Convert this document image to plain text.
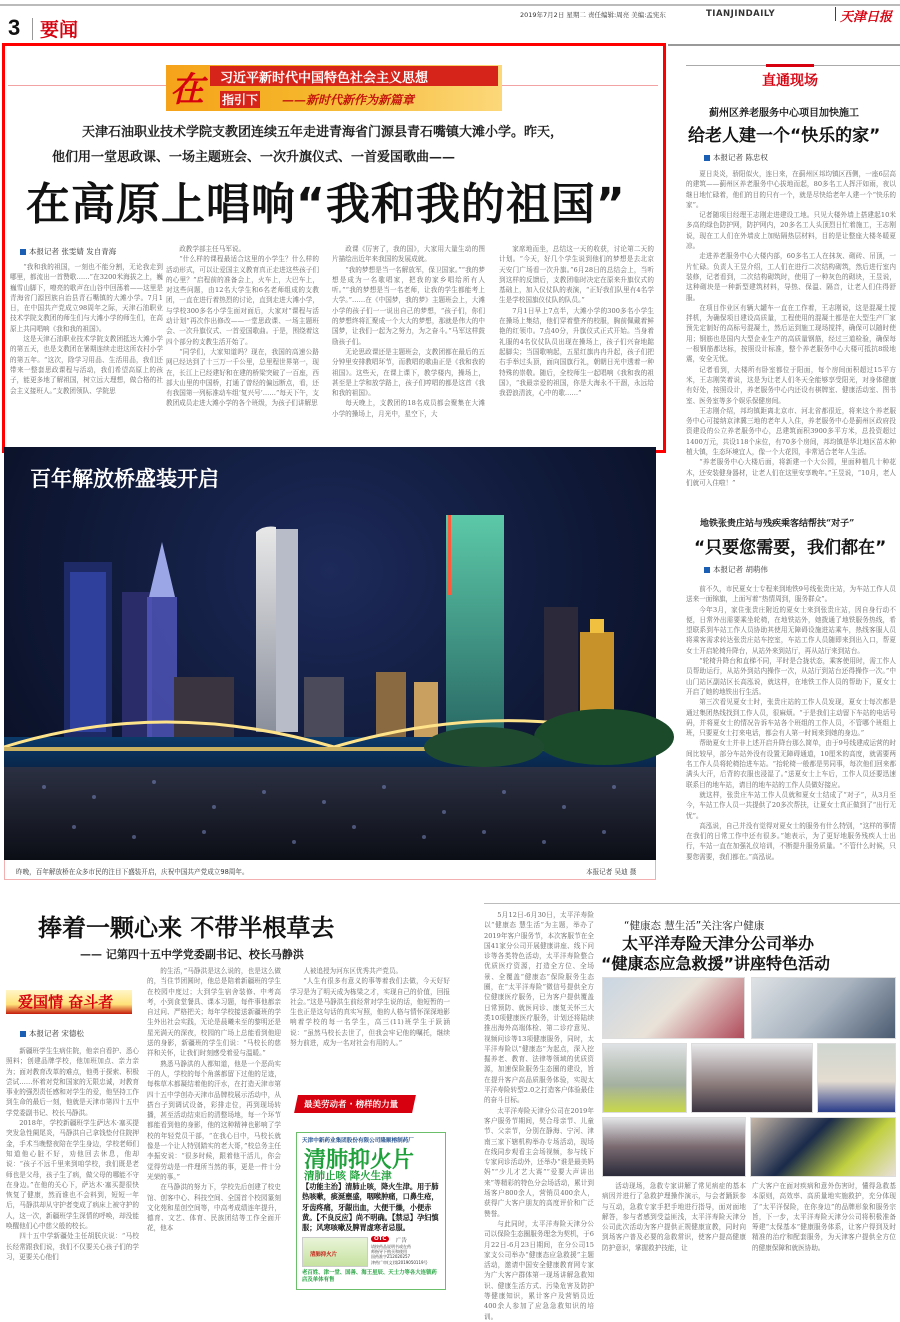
3 要闻
2019年7月2日 星期二 责任编辑:周亮 美编:孟宪东	TIANJINDAILY	天津日报
在 习近平新时代中国特色社会主义思想
指引下 ——新时代新作为新篇章
天津石油职业技术学院支教团连续五年走进青海省门源县青石嘴镇大滩小学。昨天，
他们用一堂思政课、一场主题班会、一次升旗仪式、一首爱国歌曲——
在高原上唱响“我和我的祖国”
本报记者 张雯婧 发自青海

“我和我的祖国，一刻也不能分割，无论我走到哪里，都流出一首赞歌……”在3200米海拔之上，巍巍雪山脚下，嘹亮的歌声在山谷中回荡着——这里是青海省门源回族自治县青石嘴镇的大滩小学。7月1日，在中国共产党成立98周年之际，天津石油职业技术学院支教团的师生们与大滩小学的师生们，在高原上共同唱响《我和我的祖国》。

这是天津石油职业技术学院支教团抵达大滩小学的第五天，也是支教团在暑期连续走进这所农村小学的第五年。“这次，除学习用品、生活用品，我们还带来一整套思政课程与活动，我们希望高原上的孩子，能更多地了解祖国，树立远大理想，做合格的社会主义接班人。”支教团领队、学院思

政教学部主任马军说。

“什么样的课程最适合这里的小学生？什么样的活动形式，可以让爱国主义教育真正走进这些孩子们的心里？”启程前的准备会上，火车上，大巴车上，对这些问题，由12名大学生和6名老师组成的支教团，一直在进行着热烈的讨论，直到走进大滩小学，与学校300多名小学生面对面后，大家对“课程与活动计划”再次作出修改——一堂思政课、一场主题班会、一次升旗仪式、一首爱国歌曲。于是，围绕着这四个部分的支教生活开始了。

“同学们，大家知道吗？现在，我国的高速公路网已经达到了十三万一千公里，总里程世界第一，现在，长江上已经建好和在建的桥梁突破了一百座，西部大山里的中国桥，打通了曾经的偏远断点，看，还有我国第一列标准动车组‘复兴号’……”每天下午，支教团成员走进大滩小学的各个班级，为孩子们讲解思

政课《厉害了，我的国》，大家用大量生动的图片描绘出近年来我国的发展成就。

“我的梦想是当一名解放军，保卫国家。”“我的梦想是成为一名歌唱家，把我的家乡唱给所有人听。”“我的梦想是当一名老师，让我的学生都能考上大学。”……在《中国梦，我的梦》主题班会上，大滩小学的孩子们一一说出自己的梦想，“孩子们，你们的梦想终将汇聚成一个大大的梦想，那就是伟大的中国梦，让我们一起为之努力，为之奋斗。”马军这样鼓励孩子们。

无论思政课还是主题班会，支教团都在最后的五分钟里安排教唱环节，而教唱的歌曲正是《我和我的祖国》。这些天，在课上课下，教学楼内，操场上，甚至是上学和放学路上，孩子们哼唱的都是这首《我和我的祖国》。

每天晚上，支教团的18名成员都会聚集在大滩小学的操场上，月光中，星空下，大

家席地而坐，总结这一天的收获，讨论第二天的计划。“今天，好几个学生说到他们的梦想是去北京天安门广场看一次升旗。”6月28日的总结会上，当听到这样的反馈后，支教团临时决定在原来升旗仪式的基础上，加入仪仗队的表演，“正好我们队里有4名学生是学校国旗仪仗队的队员。”

7月1日早上7点半，大滩小学的300多名小学生在操场上集结，他们穿着整齐的校服，胸前佩戴着鲜艳的红领巾。7点40分，升旗仪式正式开始。当身着礼服的4名仪仗队员出现在操场上，孩子们兴奋地踮起脚尖；当国歌响起，五星红旗冉冉升起，孩子们把右手举过头顶，面向国旗行礼，朝朝日光中透着一种特殊的崇敬。随后，全校师生一起唱响《我和我的祖国》，“我最亲爱的祖国，你是大海永不干涸，永远给我碧浪清波，心中的歌……”

百年解放桥盛装开启
昨晚，百年解放桥在众多市民的注目下盛装开启，庆祝中国共产党成立98周年。	本报记者 吴迪 摄
直通现场
蓟州区养老服务中心项目加快施工
给老人建一个“快乐的家”
本报记者 陈忠权

夏日炎炎，骄阳似火，连日来，在蓟州区邦均镇区西侧，一座6层高的建筑——蓟州区养老服务中心拔地而起，80多名工人挥汗如雨，夜以继日地忙碌着，他们的目的只有一个，就是尽快给老年人建一个“快乐的家”。

记者随项目经理王志刚走进建设工地。只见大楼外墙上搭建起10米多高的绿色防护网，防护网内，20多名工人头顶烈日忙着施工，王志刚说，现在工人们在外墙皮上加贴隔热层材料，目的是让整座大楼冬暖夏凉。

走进养老服务中心大楼内部，60多名工人在抹灰、砌砖、吊顶，一片忙碌。负责人王昱介绍，工人们在进行二次结构砌筑，然后进行室内装修，记者看到，二次结构砌筑时，使用了一种灰色的砌块，王昱说，这种砌块是一种新型建筑材料，导热、保温、隔音，让老人们住得舒服。

在项目作业区有辆大罐车一直在工作着，王志刚说，这是混凝土搅拌机，为确保项目建设高质量，工程使用的混凝土都是在大型生产厂家预先定制好的高标号混凝土，然后运到施工现场搅拌，确保可以随时使用；钢筋也是国内大型企业生产的高质量钢筋，经过三道检验，确保每一根钢筋都达标，按照设计标准，整个养老服务中心大楼可抵抗8级地震，安全无忧。

记者看到，大楼所有卧室都位于阳面，每个房间面积超过15平方米，王志刚笑着说，这是为让老人们冬天全能够享受阳光，对身体健康有好处，按照设计，养老服务中心内还设有棋牌室、健康活动室、图书室、医务室等多个娱乐保健房间。

王志刚介绍，邦均镇距离北京市、河北省都很近，将来这个养老服务中心可接纳京津冀三地的老年人入住，养老服务中心是蓟州区政府投资建设的公立养老服务中心，总建筑面积3900多平方米，总投资超过1400万元，共设118个床位，有70多个房间，邦均镇是华北地区苗木种植大镇，生态环境宜人，像一个大花园，非常适合老年人生活。

“养老服务中心大楼后面，将新建一个大公园，里面种植几十种花木，还安装健身器材，让老人们在这里安享晚年。”王昱说，“10月，老人们就可入住啦！”

地铁张贵庄站与残疾乘客结帮扶“对子”
“只要您需要，我们都在”
本报记者 胡萌伟

前不久，市民夏女士专程来到地铁9号线张贵庄站，为车站工作人员送来一面锦旗，上面写着“热情周到，服务群众”。

今年3月，家住张贵庄附近的夏女士来到张贵庄站，因自身行动不便，日常外出需要乘坐轮椅，在地铁站外，她拨通了地铁服务热线，希望联系到车站工作人员协助其使用无障碍设施进站乘车，热线客服人员将乘客需求转达张贵庄站车控室，车站工作人员随即来到出入口，帮夏女士开启轮椅升降台，从站外来到站厅，再从站厅来到站台。

“轮椅升降台和直梯不同，平时是合拢状态，乘客使用时，需工作人员帮助运行，从站外到站内操作一次，从站厅到站台还得操作一次。”中山门站区副站区长高泓说，就这样，在地铁工作人员的帮助下，夏女士开启了她的地铁出行生活。

第三次看见夏女士时，张贵庄站的工作人员发现，夏女士每次都是通过集团热线找到工作人员，很麻烦。“于是我们主动留下车站的电话号码，并将夏女士的情况告诉车站各个班组的工作人员，不管哪个班组上班，只要夏女士打来电话，都会有人第一时间来到她的身边。”

帮助夏女士并非上述开启升降台那么简单，由于9号线建成运营的时间比较早，部分车站外没有设置无障碍通道，10厘米的高度，就需要两名工作人员将轮椅抬进车站。“抬轮椅一般都是男同事，每次他们回来都满头大汗，后背的衣服也浸湿了。”送夏女士上车后，工作人员还要迅速联系目的地车站，请目的地车站的工作人员做好接应。

就这样，张贵庄车站工作人员就和夏女士结成了“对子”，从3月至今，车站工作人员一共提供了20多次帮扶，让夏女士真正做到了“出行无忧”。

高泓说，自己并没有觉得对夏女士的服务有什么特别，“这样的事情在我们的日常工作中还有很多。”她表示，为了更好地服务残疾人士出行，车站一直在加强礼仪培训，不断提升服务质量。“不管什么时候，只要您需要，我们都在。”高泓说。

捧着一颗心来 不带半根草去
—— 记第四十五中学党委副书记、校长马静洪
爱国情 奋斗者
本报记者 宋德松

新疆班学生生病住院，他亲自看护、悉心照料；创建品牌学校，他加班加点、亲力亲为；面对教育改革的难点，他勇于探索、积极尝试……怀着对党和国家的无限忠诚，对教育事业的强烈责任感和对学生的爱，他坚持工作到生命的最后一刻，他就是天津市第四十五中学党委副书记、校长马静洪。

2018年，学校新疆班学生萨达木·塞买提突发急性阑尾炎，马静洪自己拿钱垫付住院押金，手术当晚整夜陪在学生身边，学校老师们知道他心脏不好，劝他回去休息，他却说：“孩子不远千里来到咱学校，我们既是老师也是父母，孩子生了病，做父母的哪能不守在身边。”在他的关心下，萨达木·塞买提很快恢复了健康，然而谁也不会料到，短短一年后，马静洪却从守护者变成了病床上被守护的人，这一次，新疆班学生深情的呼唤，却没能唤醒他们心中慈父般的校长。

四十五中学新疆处主任胡朕庆说：“马校长经常跟我们说，我们不仅要关心孩子们的学习，更要关心他们

的生活，”马静洪是这么说的，也是这么做的，当住节团圆时，他总是陪着新疆班的学生在校园中度过；大到学生宿舍装修、中考高考，小到食堂餐具、课本习题，每件事他都亲自过问、严格把关；每年学校接送新疆班的学生外出社会实践，无论是晨曦未至的黎明还是星光满天的深夜，校园的广场上总能看到他迎送的身影，新疆班的学生们说：“马校长的慈祥和关怀，让我们时刻感受着爱与温暖。”

熟悉马静洪的人都知道，他是一个恶尚实干的人，学校的每个角落都留下过他的足迹，每株草木都凝结着他的汗水，在打造天津市第四十五中学创办天津市品牌校展示活动中，从搭台子到调试设备，彩排走位，再到现场转播，甚至活动结束后的清整场地，每一个环节都能看到他的身影，他的这种精神也影响了学校的年轻党员干部，“在我心目中，马校长就像是一个让人特别踏实的老大哥，”校总务主任李振安说：“很多时候，跟着他干活儿，你会觉得劳动是一件理所当然的事，更是一件十分光荣的事。”

在马静洪的努力下，学校先后创建了校史馆、创客中心、科技空间、全国首个校园篆刻文化苑和星创空间等，中高考成绩连年提升，德育、文艺、体育、民族团结等工作全面开花，他本

人被追授为河东区优秀共产党员。

“人生有很多有意义的事等着我们去做，今天好好学习是为了明天成为栋梁之才，实现自己的价值，回报社会。”这是马静洪生前经常对学生说的话，他短暂的一生也正是这句话的真实写照，他的人格与情怀深深地影响着学校的每一名学生，高三(11)班学生于跃涵说：“虽然马校长去世了，但我会牢记他的嘱托，继续努力前进，成为一名对社会有用的人。”

最美劳动者 · 榜样的力量
天津中新药业集团股份有限公司隆顺榕制药厂
清肺抑火片
清肺止咳 降火生津
【功能主治】清肺止咳，降火生津。用于肺热咳嗽，痰涎壅盛，咽喉肿痛，口鼻生疮，牙齿疼痛，牙龈出血，大便干燥，小便赤黄。【不良反应】尚不明确。【禁忌】孕妇慎服；风寒咳嗽及脾胃虚寒者忌服。
清肺抑火片
OTC	广告
请按药品说明书或在药
师指导下购买和使用
国药准字Z12020257
津药广审(文)第2019050119号
老百姓、津一堂、国善、海王星辰、天士力等各大连锁药店及单体有售

5月12日-6月30日，太平洋寿险以“健康态 慧生活”为主题，举办了2019年客户服务节，本次客服节在全国41家分公司开展健康讲座、线下问诊等各类特色活动，太平洋寿险整合优质医疗资源，打造全方位、全场景、全覆盖“健康态”保险服务生态圈，在“太平洋寿险”微信号提供全方位健康医疗服务，已为客户提供覆盖日常预防、就医问诊、康复关怀三大类10项健康医疗服务，计划还将陆续推出海外高端体检、第二诊疗意见、视频问诊等13项健康服务，同时，太平洋寿险以“健康态”为起点，深入挖掘养老、教育、法律等领域的优质资源，加速保险服务生态圈的建设，旨在提升客户高品质服务体验，实现太平洋寿险转型2.0之打造客户体验最佳的奋斗目标。

太平洋寿险天津分公司在2019年客户服务节期间，契合母亲节、儿童节、父亲节，分别在静海、宁河、津南三家下辖机构举办专场活动，现场在线同步观看主会场视频，参与线下专家问诊活动外，还举办“谁是最美妈妈”“少儿才艺大赛”“爱要大声讲出来”等精彩的特色分会场活动，累计到场客户800余人，营销员400余人，获得广大客户朋友的高度评价和广泛赞誉。

与此同时，太平洋寿险天津分公司以保险生态圈服务理念为契机，于6月22日-6月23日期间，在分公司15家支公司举办“健康态应急救援”主题活动，邀请中国安全健康教育网专家为广大客户群体第一现场讲解急救知识、健康生活方式、污染危害及防护等健康知识，累计客户及营销员近400余人参加了应急急救知识的培训。

“健康态 慧生活”关注客户健康
太平洋寿险天津分公司举办
“健康态应急救援”讲座特色活动

活动现场，急救专家讲解了常见病症的基本病因并进行了急救护理操作演示，与会者踊跃参与互动，急救专家手把手地进行指导，面对面地解答，参与者感到受益匪浅，太平洋寿险天津分公司此次活动为客户提供正规健康宣教，同时向到场客户普及必要的急救常识，使客户提高健康防护意识，掌握救护技能，让

广大客户在面对疾病和意外伤害时，懂得急救基本原则，高效率、高质量地实施救护，充分体现了“太平洋保险，在你身边”的品牌形象和服务宗旨，下一步，太平洋寿险天津分公司将积极准备筹建“太保基本”健康服务体系，让客户得到及时精准的治疗和配套服务，为天津客户提供全方位的健康保障和就医协助。
